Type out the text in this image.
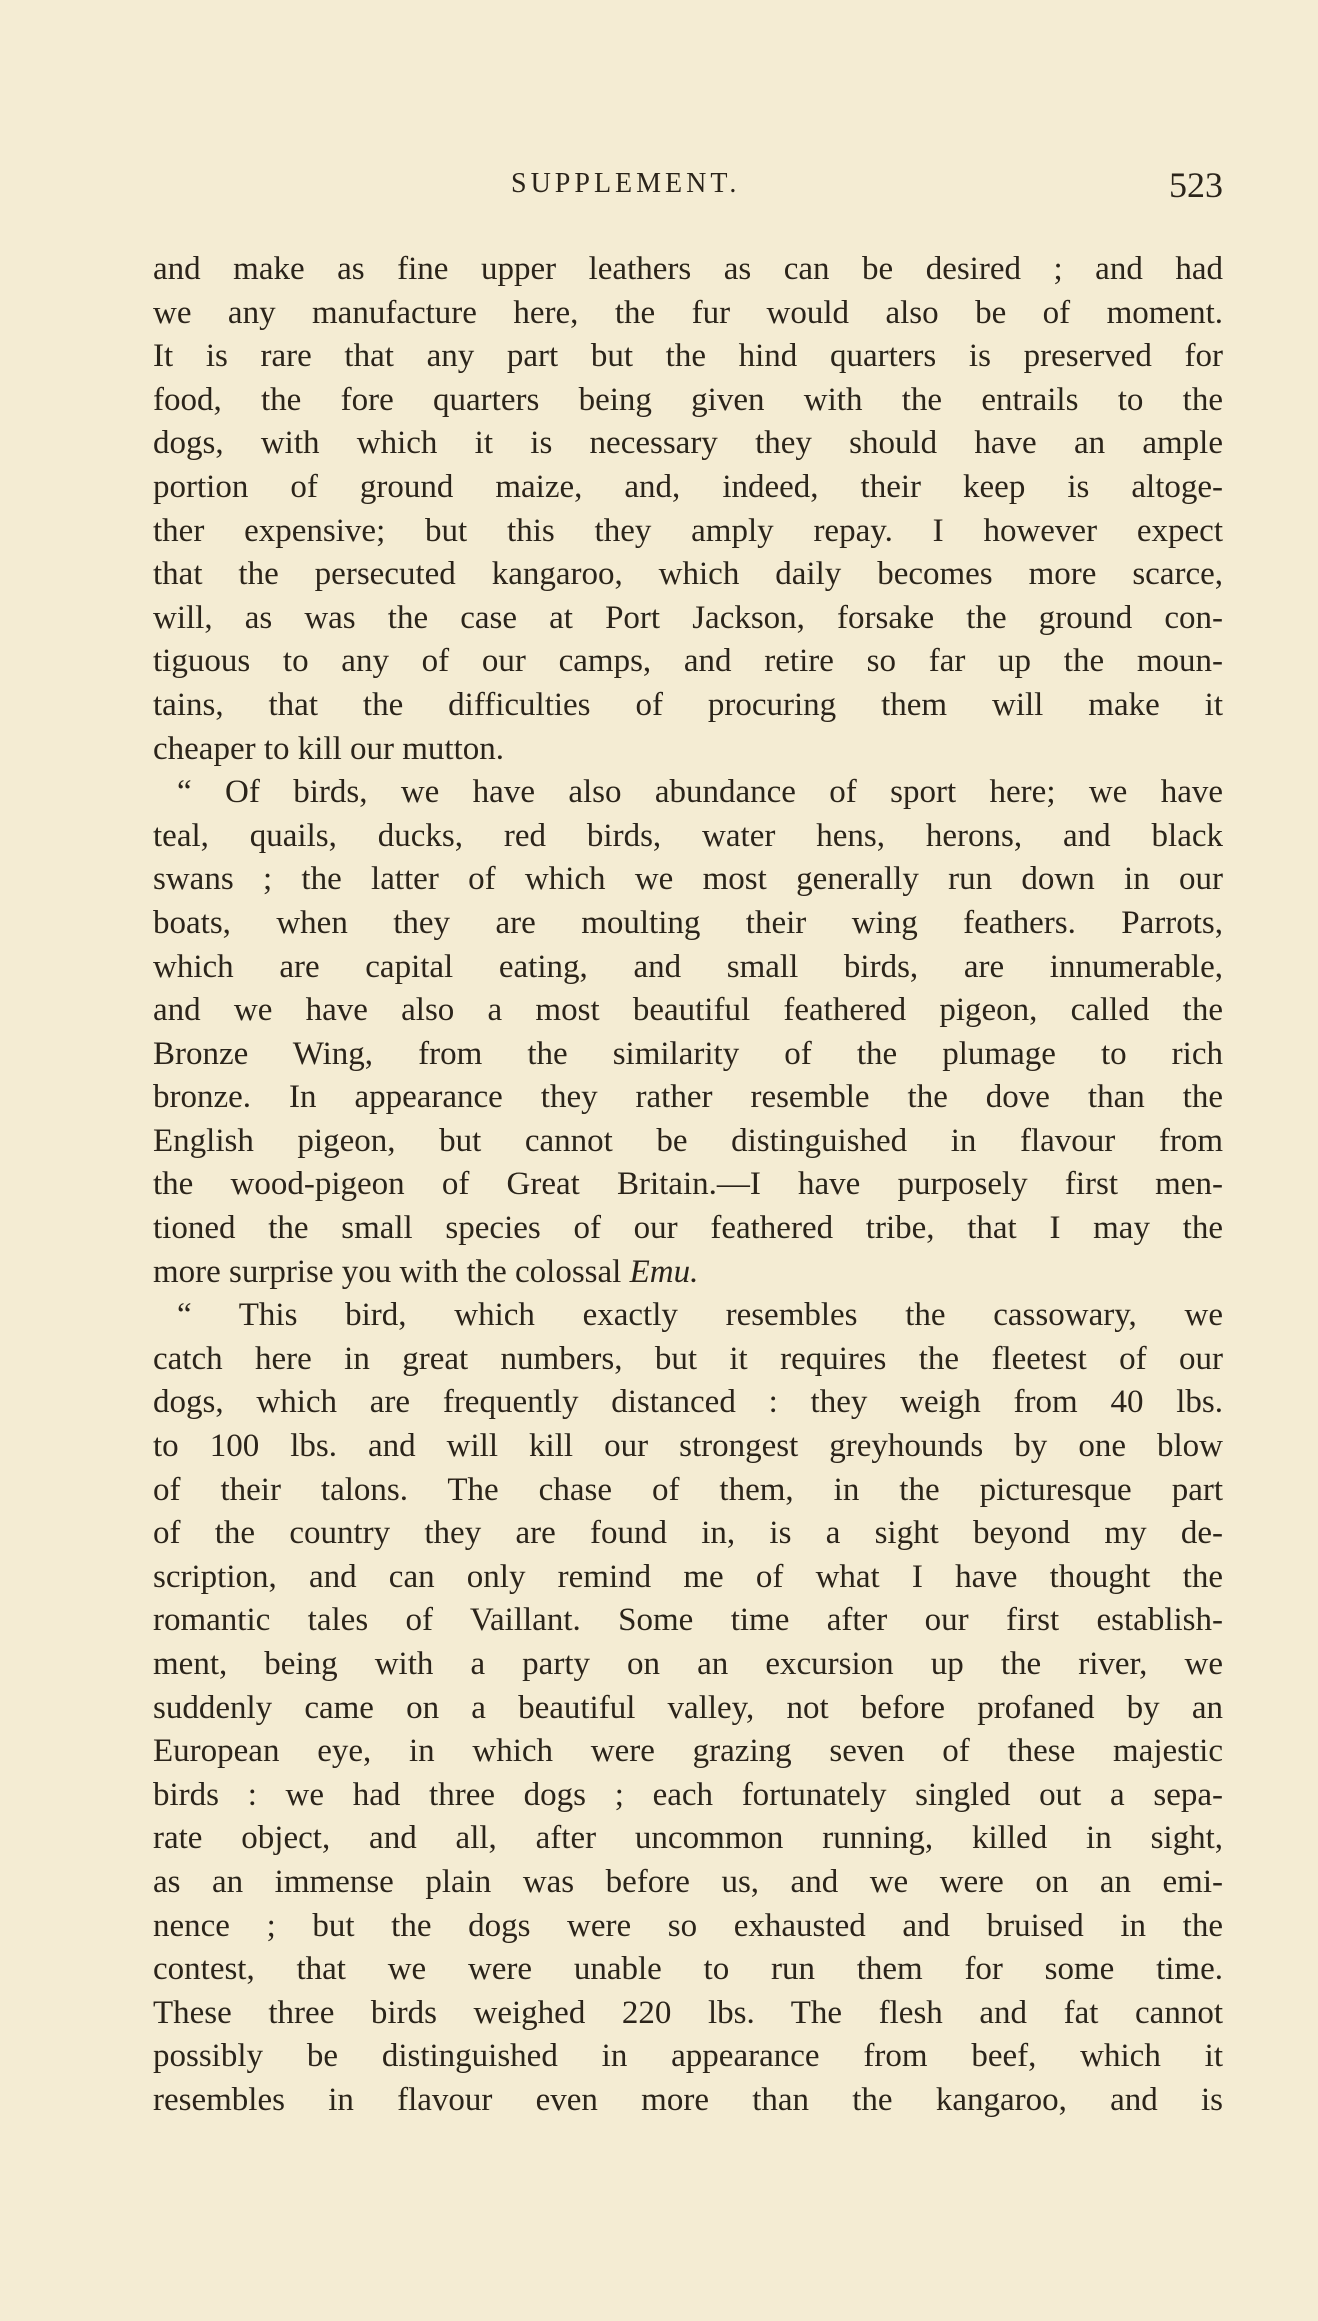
SUPPLEMENT.	523
and make as fine upper leathers as can be desired ; and had
we any manufacture here, the fur would also be of moment.
It is rare that any part but the hind quarters is preserved for
food, the fore quarters being given with the entrails to the
dogs, with which it is necessary they should have an ample
portion of ground maize, and, indeed, their keep is altoge-
ther expensive; but this they amply repay. I however expect
that the persecuted kangaroo, which daily becomes more scarce,
will, as was the case at Port Jackson, forsake the ground con-
tiguous to any of our camps, and retire so far up the moun-
tains, that the difficulties of procuring them will make it
cheaper to kill our mutton.
“ Of birds, we have also abundance of sport here; we have
teal, quails, ducks, red birds, water hens, herons, and black
swans ; the latter of which we most generally run down in our
boats, when they are moulting their wing feathers. Parrots,
which are capital eating, and small birds, are innumerable,
and we have also a most beautiful feathered pigeon, called the
Bronze Wing, from the similarity of the plumage to rich
bronze. In appearance they rather resemble the dove than the
English pigeon, but cannot be distinguished in flavour from
the wood-pigeon of Great Britain.—I have purposely first men-
tioned the small species of our feathered tribe, that I may the
more surprise you with the colossal Emu.
“ This bird, which exactly resembles the cassowary, we
catch here in great numbers, but it requires the fleetest of our
dogs, which are frequently distanced : they weigh from 40 lbs.
to 100 lbs. and will kill our strongest greyhounds by one blow
of their talons. The chase of them, in the picturesque part
of the country they are found in, is a sight beyond my de-
scription, and can only remind me of what I have thought the
romantic tales of Vaillant. Some time after our first establish-
ment, being with a party on an excursion up the river, we
suddenly came on a beautiful valley, not before profaned by an
European eye, in which were grazing seven of these majestic
birds : we had three dogs ; each fortunately singled out a sepa-
rate object, and all, after uncommon running, killed in sight,
as an immense plain was before us, and we were on an emi-
nence ; but the dogs were so exhausted and bruised in the
contest, that we were unable to run them for some time.
These three birds weighed 220 lbs. The flesh and fat cannot
possibly be distinguished in appearance from beef, which it
resembles in flavour even more than the kangaroo, and is
